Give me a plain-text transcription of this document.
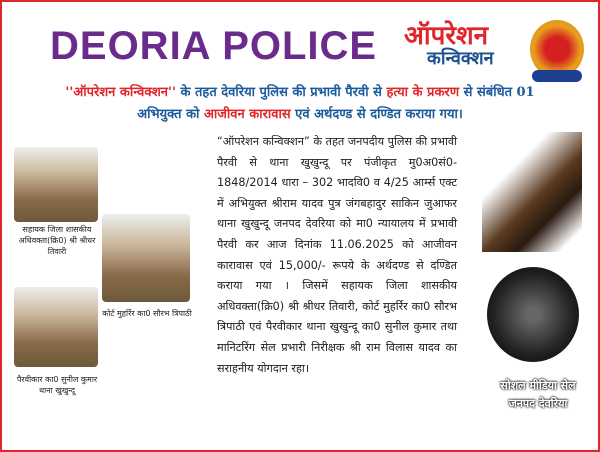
DEORIA POLICE ऑपरेशन
कन्विक्शन
''ऑपरेशन कन्विक्शन'' के तहत देवरिया पुलिस की प्रभावी पैरवी से हत्या के प्रकरण से संबंधित 01
अभियुक्त को आजीवन कारावास एवं अर्थदण्ड से दण्डित कराया गया।
सहायक जिला शासकीय अधिवक्ता(क्रि0) श्री श्रीधर तिवारी
कोर्ट मुहर्रिर का0 सौरभ त्रिपाठी
पैरवीकार का0 सुनील कुमार थाना खुखुन्दू
“ऑपरेशन कन्विक्शन” के तहत जनपदीय पुलिस की प्रभावी पैरवी से थाना खुखुन्दू पर पंजीकृत मु0अ0सं0- 1848/2014 धारा – 302 भादवि0 व 4/25 आर्म्स एक्ट में अभियुक्त श्रीराम यादव पुत्र जंगबहादुर साकिन जुआफर थाना खुखुन्दू जनपद देवरिया को मा0 न्यायालय में प्रभावी पैरवी कर आज दिनांक 11.06.2025 को आजीवन कारावास एवं 15,000/- रूपये के अर्थदण्ड से दण्डित कराया गया । जिसमें सहायक जिला शासकीय अधिवक्ता(क्रि0) श्री श्रीधर तिवारी, कोर्ट मुहर्रिर का0 सौरभ त्रिपाठी एवं पैरवीकार थाना खुखुन्दू का0 सुनील कुमार तथा मानिटरिंग सेल प्रभारी निरीक्षक श्री राम विलास यादव का सराहनीय योगदान रहा।
सोशल मीडिया सेल
जनपद देवरिया
